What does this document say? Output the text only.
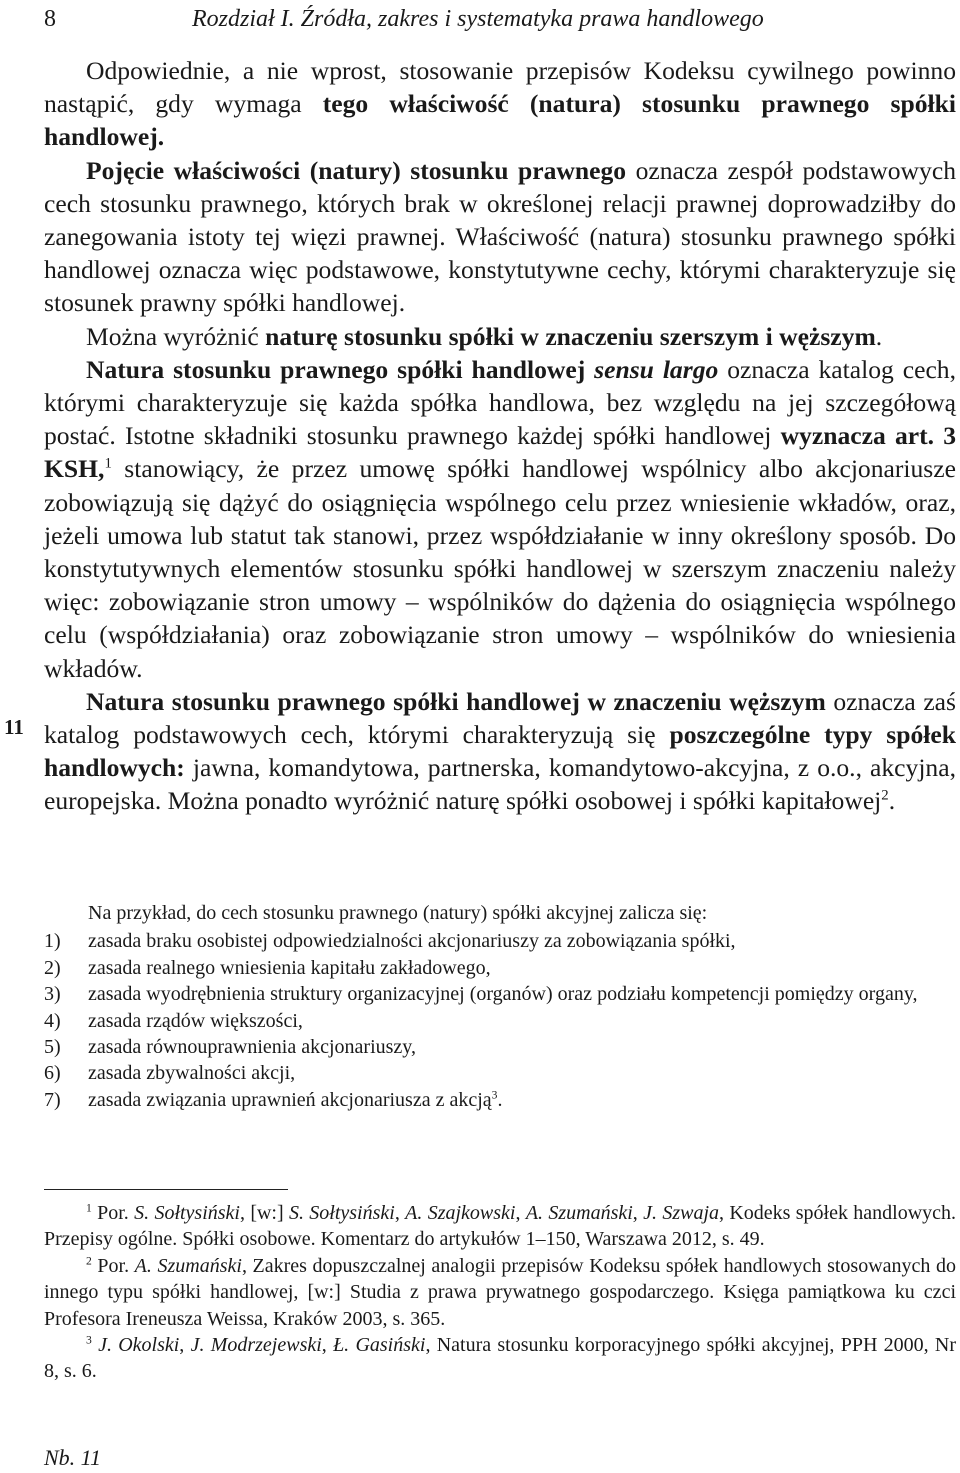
8	Rozdział I. Źródła, zakres i systematyka prawa handlowego

Odpowiednie, a nie wprost, stosowanie przepisów Kodeksu cywilnego powinno nastąpić, gdy wymaga tego właściwość (natura) stosunku prawnego spółki handlowej.

Pojęcie właściwości (natury) stosunku prawnego oznacza zespół podstawowych cech stosunku prawnego, których brak w określonej relacji prawnej doprowadziłby do zanegowania istoty tej więzi prawnej. Właściwość (natura) stosunku prawnego spółki handlowej oznacza więc podstawowe, konstytutywne cechy, którymi charakteryzuje się stosunek prawny spółki handlowej.

Można wyróżnić naturę stosunku spółki w znaczeniu szerszym i węższym.

Natura stosunku prawnego spółki handlowej sensu largo oznacza katalog cech, którymi charakteryzuje się każda spółka handlowa, bez względu na jej szczegółową postać. Istotne składniki stosunku prawnego każdej spółki handlowej wyznacza art. 3 KSH,$^1$ stanowiący, że przez umowę spółki handlowej wspólnicy albo akcjonariusze zobowiązują się dążyć do osiągnięcia wspólnego celu przez wniesienie wkładów, oraz, jeżeli umowa lub statut tak stanowi, przez współdziałanie w inny określony sposób. Do konstytutywnych elementów stosunku spółki handlowej w szerszym znaczeniu należy więc: zobowiązanie stron umowy – wspólników do dążenia do osiągnięcia wspólnego celu (współdziałania) oraz zobowiązanie stron umowy – wspólników do wniesienia wkładów.

Natura stosunku prawnego spółki handlowej w znaczeniu węższym oznacza zaś katalog podstawowych cech, którymi charakteryzują się poszczególne typy spółek handlowych: jawna, komandytowa, partnerska, komandytowo-akcyjna, z o.o., akcyjna, europejska. Można ponadto wyróżnić naturę spółki osobowej i spółki kapitałowej$^2$.

11

Na przykład, do cech stosunku prawnego (natury) spółki akcyjnej zalicza się:

1) zasada braku osobistej odpowiedzialności akcjonariuszy za zobowiązania spółki,
2) zasada realnego wniesienia kapitału zakładowego,
3) zasada wyodrębnienia struktury organizacyjnej (organów) oraz podziału kompetencji pomiędzy organy,
4) zasada rządów większości,
5) zasada równouprawnienia akcjonariuszy,
6) zasada zbywalności akcji,
7) zasada związania uprawnień akcjonariusza z akcją$^3$.

$^1$ Por. S. Sołtysiński, [w:] S. Sołtysiński, A. Szajkowski, A. Szumański, J. Szwaja, Kodeks spółek handlowych. Przepisy ogólne. Spółki osobowe. Komentarz do artykułów 1–150, Warszawa 2012, s. 49.

$^2$ Por. A. Szumański, Zakres dopuszczalnej analogii przepisów Kodeksu spółek handlowych stosowanych do innego typu spółki handlowej, [w:] Studia z prawa prywatnego gospodarczego. Księga pamiątkowa ku czci Profesora Ireneusza Weissa, Kraków 2003, s. 365.

$^3$ J. Okolski, J. Modrzejewski, Ł. Gasiński, Natura stosunku korporacyjnego spółki akcyjnej, PPH 2000, Nr 8, s. 6.

Nb. 11
